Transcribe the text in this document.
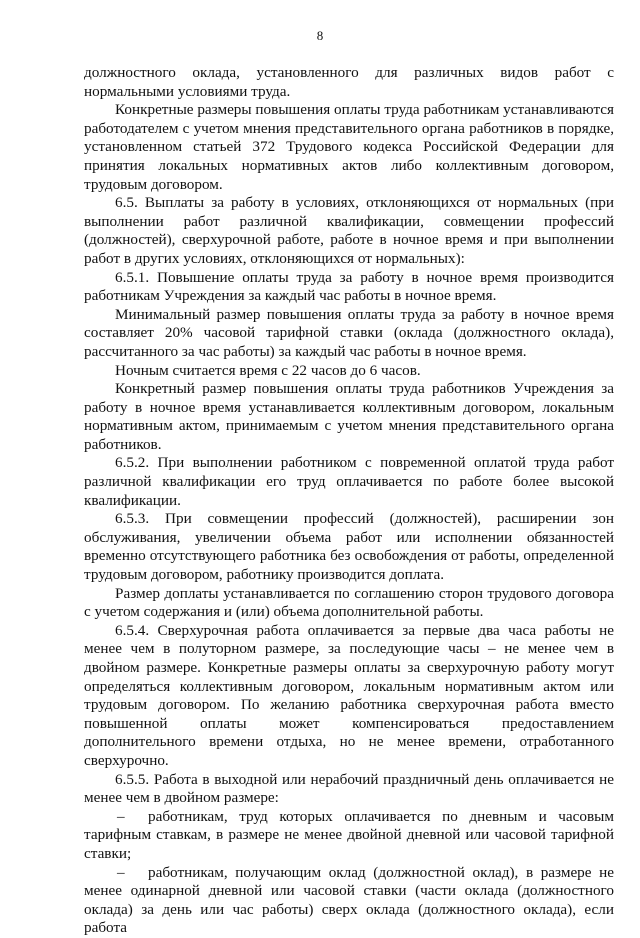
8

должностного оклада, установленного для различных видов работ с нормальными условиями труда.

Конкретные размеры повышения оплаты труда работникам устанавливаются работодателем с учетом мнения представительного органа работников в порядке, установленном статьей 372 Трудового кодекса Российской Федерации для принятия локальных нормативных актов либо коллективным договором, трудовым договором.

6.5. Выплаты за работу в условиях, отклоняющихся от нормальных (при выполнении работ различной квалификации, совмещении профессий (должностей), сверхурочной работе, работе в ночное время и при выполнении работ в других условиях, отклоняющихся от нормальных):

6.5.1. Повышение оплаты труда за работу в ночное время производится работникам Учреждения за каждый час работы в ночное время.

Минимальный размер повышения оплаты труда за работу в ночное время составляет 20% часовой тарифной ставки (оклада (должностного оклада), рассчитанного за час работы) за каждый час работы в ночное время.

Ночным считается время с 22 часов до 6 часов.

Конкретный размер повышения оплаты труда работников Учреждения за работу в ночное время устанавливается коллективным договором, локальным нормативным актом, принимаемым с учетом мнения представительного органа работников.

6.5.2. При выполнении работником с повременной оплатой труда работ различной квалификации его труд оплачивается по работе более высокой квалификации.

6.5.3. При совмещении профессий (должностей), расширении зон обслуживания, увеличении объема работ или исполнении обязанностей временно отсутствующего работника без освобождения от работы, определенной трудовым договором, работнику производится доплата.

Размер доплаты устанавливается по соглашению сторон трудового договора с учетом содержания и (или) объема дополнительной работы.

6.5.4. Сверхурочная работа оплачивается за первые два часа работы не менее чем в полуторном размере, за последующие часы – не менее чем в двойном размере. Конкретные размеры оплаты за сверхурочную работу могут определяться коллективным договором, локальным нормативным актом или трудовым договором. По желанию работника сверхурочная работа вместо повышенной оплаты может компенсироваться предоставлением дополнительного времени отдыха, но не менее времени, отработанного сверхурочно.

6.5.5. Работа в выходной или нерабочий праздничный день оплачивается не менее чем в двойном размере:

– работникам, труд которых оплачивается по дневным и часовым тарифным ставкам, в размере не менее двойной дневной или часовой тарифной ставки;

– работникам, получающим оклад (должностной оклад), в размере не менее одинарной дневной или часовой ставки (части оклада (должностного оклада) за день или час работы) сверх оклада (должностного оклада), если работа
